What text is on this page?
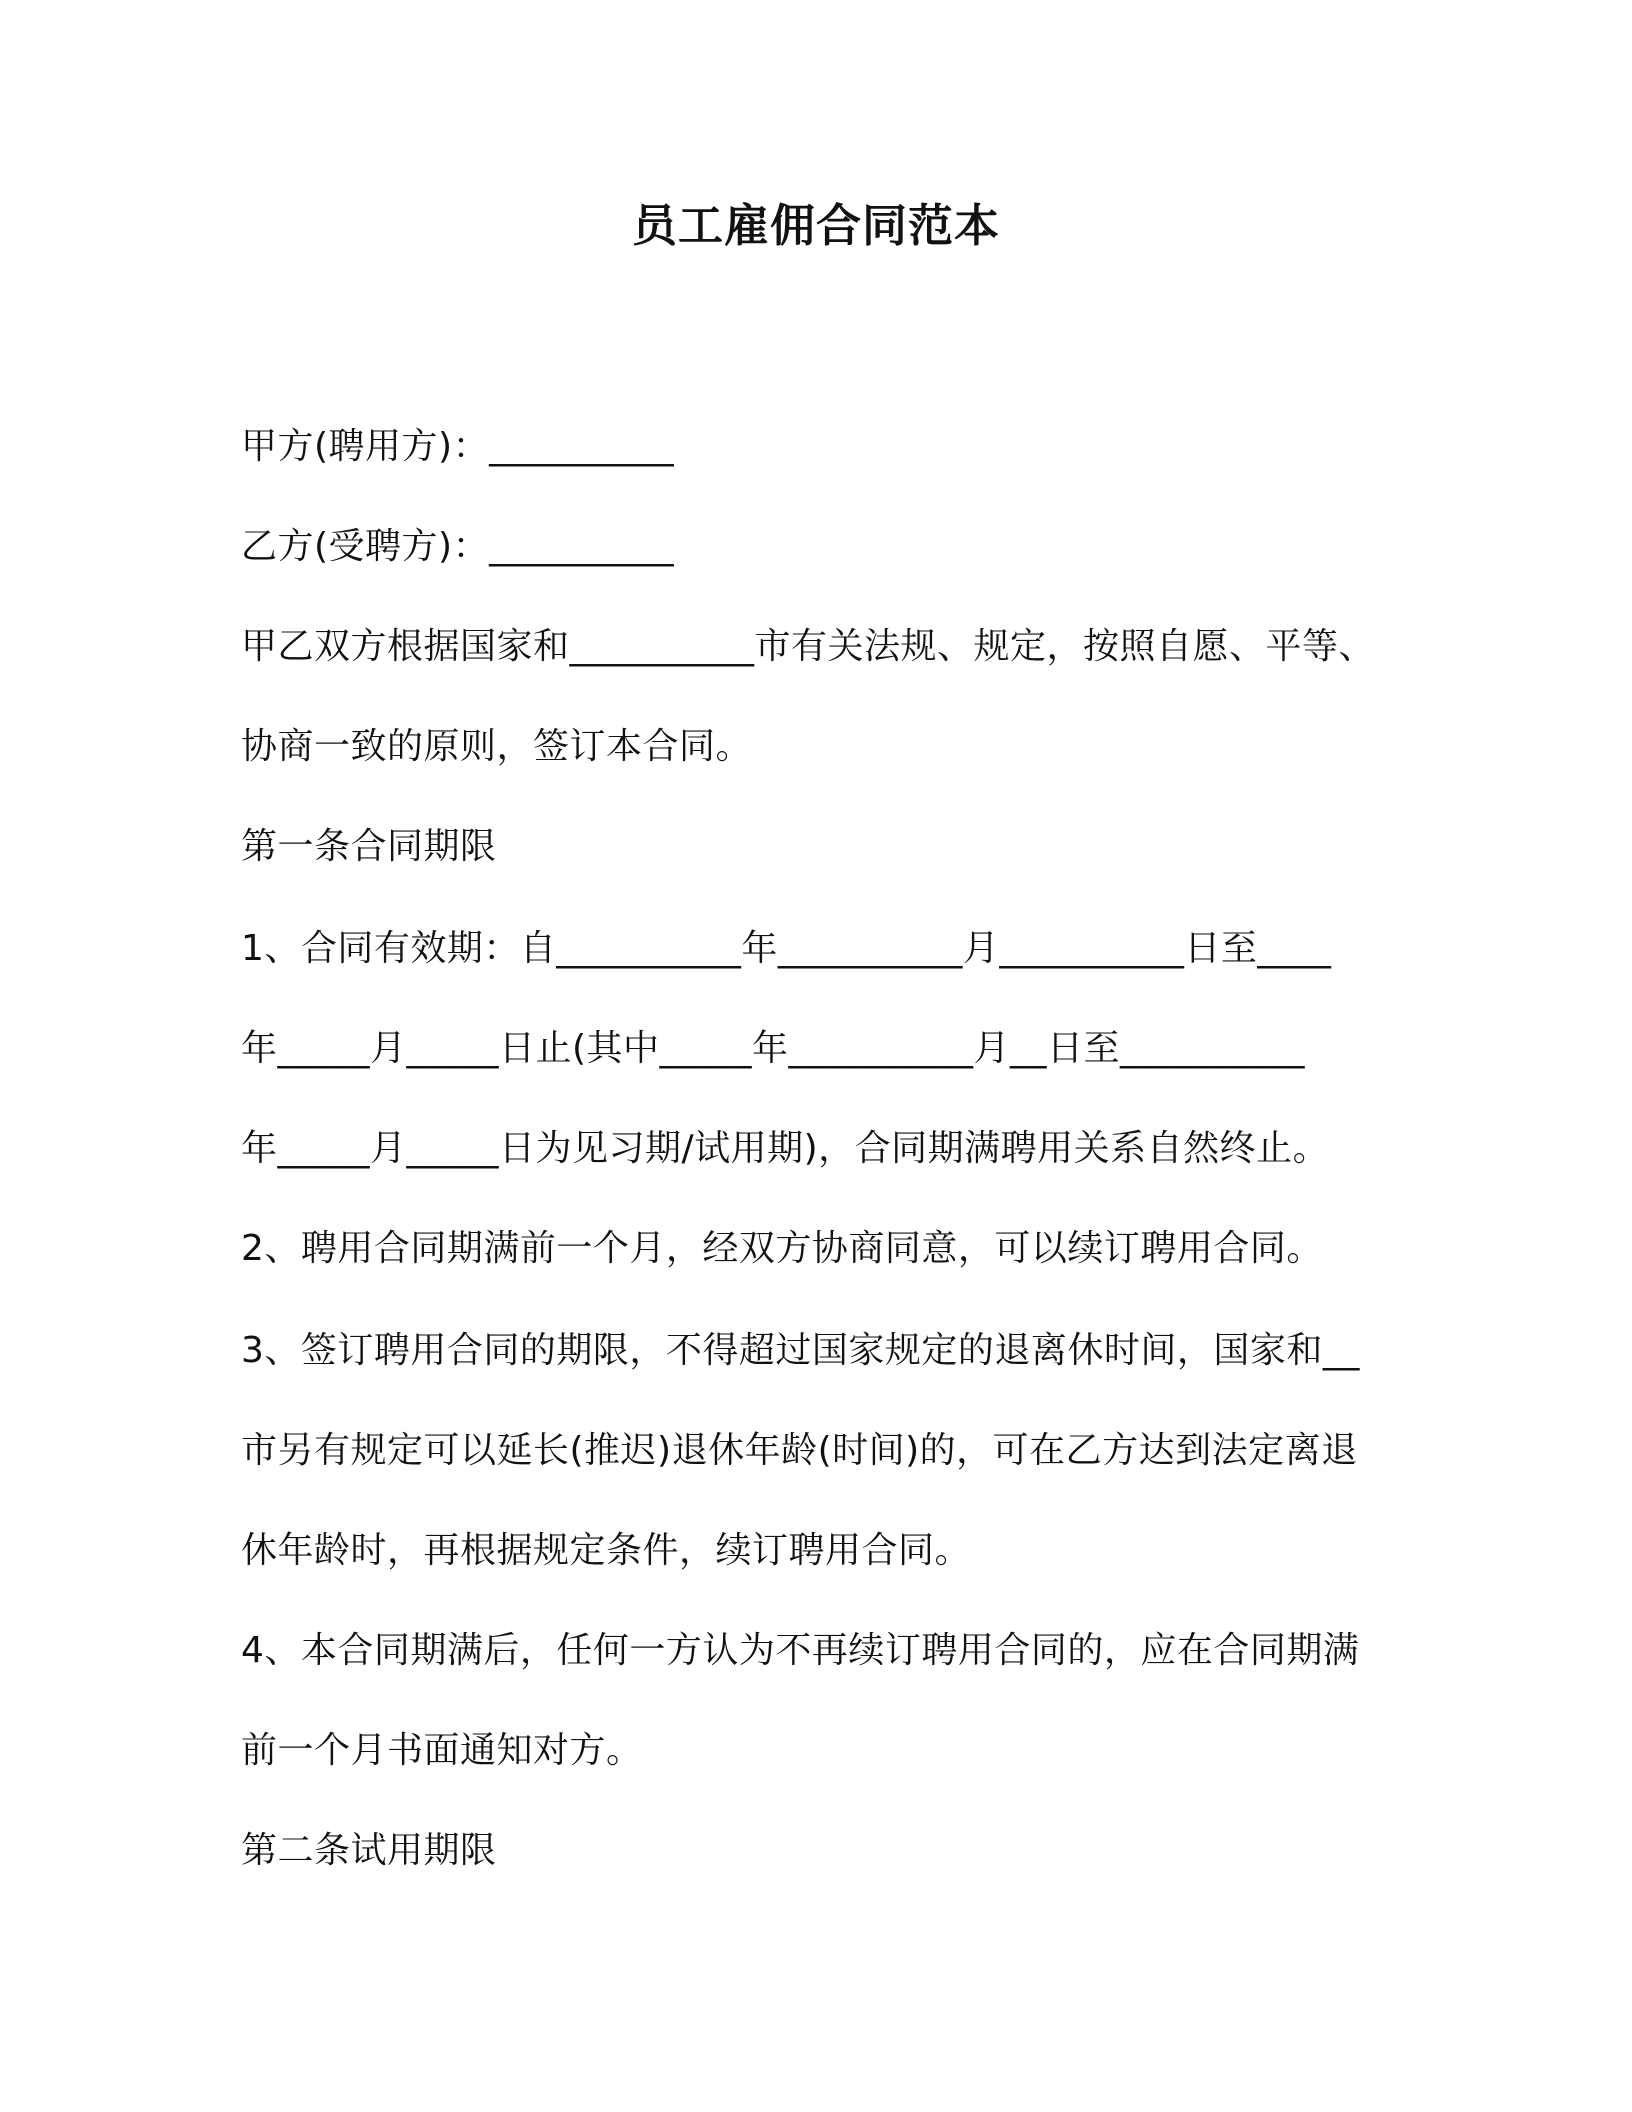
员工雇佣合同范本
甲方(聘用方)：__________
乙方(受聘方)：__________
甲乙双方根据国家和__________市有关法规、规定，按照自愿、平等、
协商一致的原则，签订本合同。
第一条合同期限
1、合同有效期：自__________年__________月__________日至____
年_____月_____日止(其中_____年__________月__日至__________
年_____月_____日为见习期/试用期)，合同期满聘用关系自然终止。
2、聘用合同期满前一个月，经双方协商同意，可以续订聘用合同。
3、签订聘用合同的期限，不得超过国家规定的退离休时间，国家和__
市另有规定可以延长(推迟)退休年龄(时间)的，可在乙方达到法定离退
休年龄时，再根据规定条件，续订聘用合同。
4、本合同期满后，任何一方认为不再续订聘用合同的，应在合同期满
前一个月书面通知对方。
第二条试用期限
